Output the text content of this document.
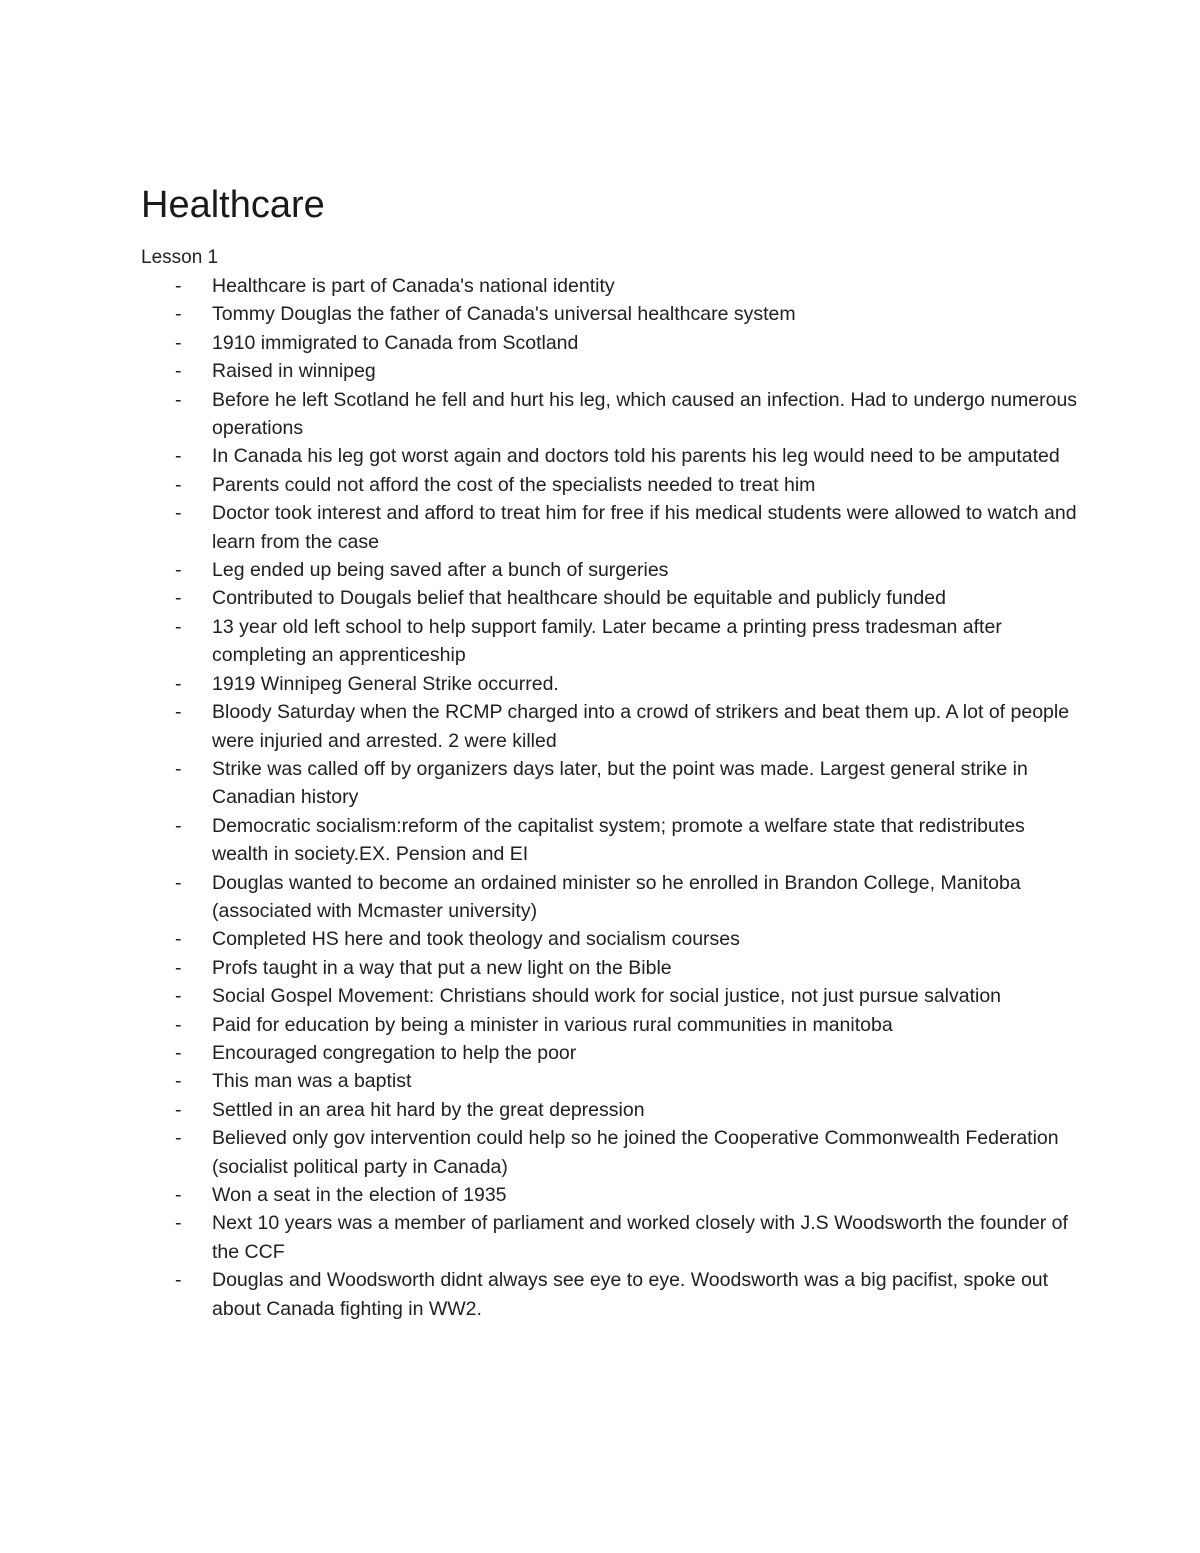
Healthcare

Lesson 1

- Healthcare is part of Canada's national identity
- Tommy Douglas the father of Canada's universal healthcare system
- 1910 immigrated to Canada from Scotland
- Raised in winnipeg
- Before he left Scotland he fell and hurt his leg, which caused an infection. Had to undergo numerous operations
- In Canada his leg got worst again and doctors told his parents his leg would need to be amputated
- Parents could not afford the cost of the specialists needed to treat him
- Doctor took interest and afford to treat him for free if his medical students were allowed to watch and learn from the case
- Leg ended up being saved after a bunch of surgeries
- Contributed to Dougals belief that healthcare should be equitable and publicly funded
- 13 year old left school to help support family. Later became a printing press tradesman after completing an apprenticeship
- 1919 Winnipeg General Strike occurred.
- Bloody Saturday when the RCMP charged into a crowd of strikers and beat them up. A lot of people were injuried and arrested. 2 were killed
- Strike was called off by organizers days later, but the point was made. Largest general strike in Canadian history
- Democratic socialism:reform of the capitalist system; promote a welfare state that redistributes wealth in society.EX. Pension and EI
- Douglas wanted to become an ordained minister so he enrolled in Brandon College, Manitoba (associated with Mcmaster university)
- Completed HS here and took theology and socialism courses
- Profs taught in a way that put a new light on the Bible
- Social Gospel Movement: Christians should work for social justice, not just pursue salvation
- Paid for education by being a minister in various rural communities in manitoba
- Encouraged congregation to help the poor
- This man was a baptist
- Settled in an area hit hard by the great depression
- Believed only gov intervention could help so he joined the Cooperative Commonwealth Federation (socialist political party in Canada)
- Won a seat in the election of 1935
- Next 10 years was a member of parliament and worked closely with J.S Woodsworth the founder of the CCF
- Douglas and Woodsworth didnt always see eye to eye. Woodsworth was a big pacifist, spoke out about Canada fighting in WW2.
